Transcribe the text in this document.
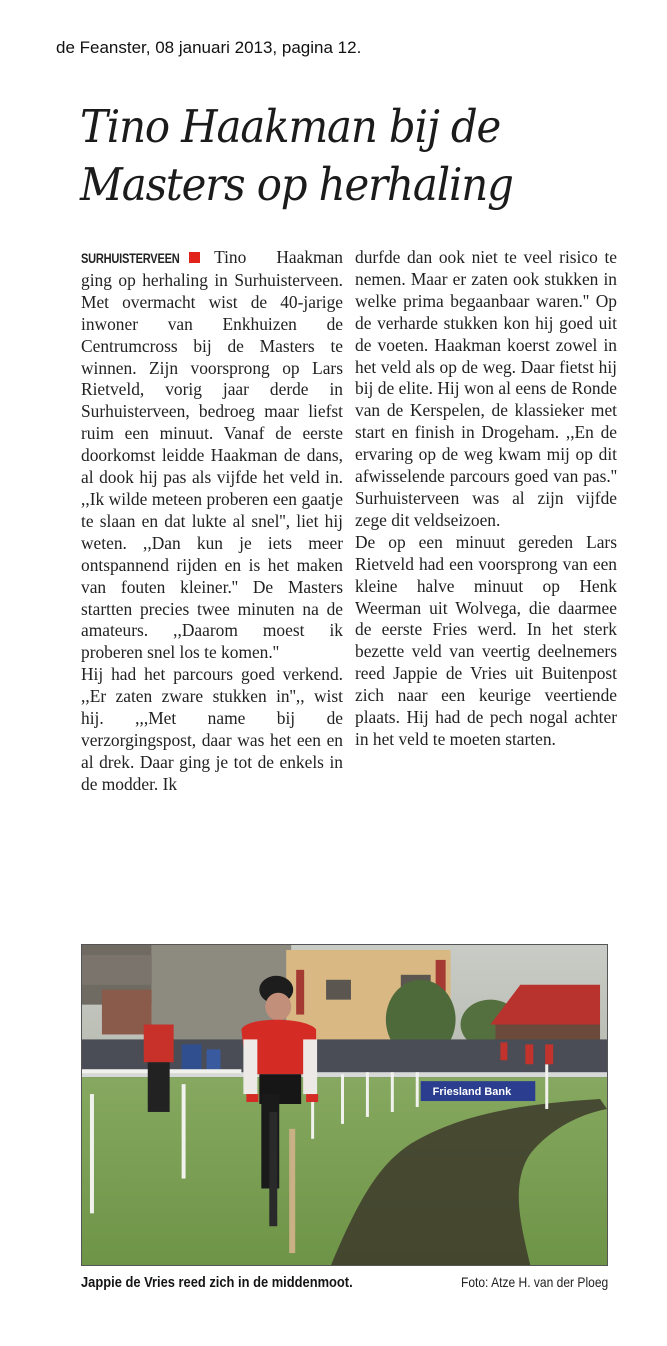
de Feanster, 08 januari 2013, pagina 12.
Tino Haakman bij de
Masters op herhaling

SURHUISTERVEEN Tino Haakman ging op herhaling in Surhuisterveen. Met overmacht wist de 40-jarige inwoner van Enkhuizen de Centrumcross bij de Masters te winnen. Zijn voorsprong op Lars Rietveld, vorig jaar derde in Surhuisterveen, bedroeg maar liefst ruim een minuut. Vanaf de eerste doorkomst leidde Haakman de dans, al dook hij pas als vijfde het veld in. ,,Ik wilde meteen proberen een gaatje te slaan en dat lukte al snel'', liet hij weten. ,,Dan kun je iets meer ontspannend rijden en is het maken van fouten kleiner.'' De Masters startten precies twee minuten na de amateurs. ,,Daarom moest ik proberen snel los te komen.''

Hij had het parcours goed verkend. ,,Er zaten zware stukken in'',, wist hij. ,,,Met name bij de verzorgingspost, daar was het een en al drek. Daar ging je tot de enkels in de modder. Ik

durfde dan ook niet te veel risico te nemen. Maar er zaten ook stukken in welke prima begaanbaar waren.'' Op de verharde stukken kon hij goed uit de voeten. Haakman koerst zowel in het veld als op de weg. Daar fietst hij bij de elite. Hij won al eens de Ronde van de Kerspelen, de klassieker met start en finish in Drogeham. ,,En de ervaring op de weg kwam mij op dit afwisselende parcours goed van pas.'' Surhuisterveen was al zijn vijfde zege dit veldseizoen.

De op een minuut gereden Lars Rietveld had een voorsprong van een kleine halve minuut op Henk Weerman uit Wolvega, die daarmee de eerste Fries werd. In het sterk bezette veld van veertig deelnemers reed Jappie de Vries uit Buitenpost zich naar een keurige veertiende plaats. Hij had de pech nogal achter in het veld te moeten starten.

Friesland Bank
Jappie de Vries reed zich in de middenmoot.	Foto: Atze H. van der Ploeg
